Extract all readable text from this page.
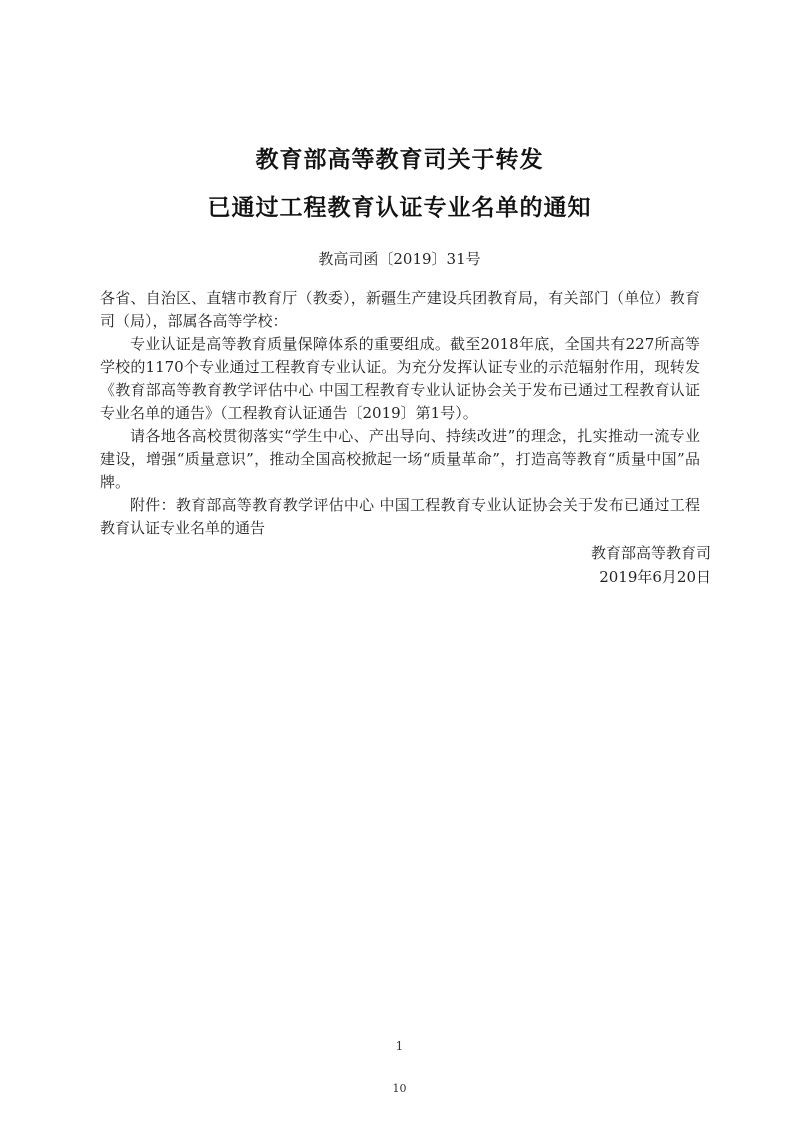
教育部高等教育司关于转发
已通过工程教育认证专业名单的通知
教高司函〔2019〕31号

各省、自治区、直辖市教育厅（教委），新疆生产建设兵团教育局，有关部门（单位）教育司（局），部属各高等学校：

专业认证是高等教育质量保障体系的重要组成。截至2018年底，全国共有227所高等学校的1170个专业通过工程教育专业认证。为充分发挥认证专业的示范辐射作用，现转发《教育部高等教育教学评估中心 中国工程教育专业认证协会关于发布已通过工程教育认证专业名单的通告》（工程教育认证通告〔2019〕第1号）。

请各地各高校贯彻落实“学生中心、产出导向、持续改进”的理念，扎实推动一流专业建设，增强“质量意识”，推动全国高校掀起一场“质量革命”，打造高等教育“质量中国”品牌。

附件：教育部高等教育教学评估中心 中国工程教育专业认证协会关于发布已通过工程教育认证专业名单的通告

教育部高等教育司
2019年6月20日
1
10
